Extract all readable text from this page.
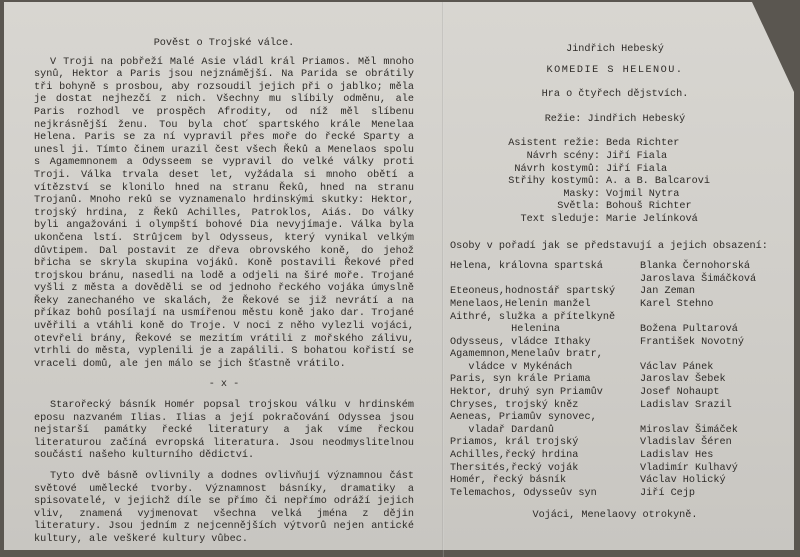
Pověst o Trojské válce.

V Troji na pobřeží Malé Asie vládl král Priamos. Měl mnoho synů, Hektor a Paris jsou nejznámější. Na Parida se obrátily tři bohyně s prosbou, aby rozsoudil jejich při o jablko; měla je dostat nejhezčí z nich. Všechny mu slíbily odměnu, ale Paris rozhodl ve prospěch Afrodity, od níž měl slíbenu nejkrásnější ženu. Tou byla choť spartského krále Menelaa Helena. Paris se za ní vypravil přes moře do řecké Sparty a unesl ji. Tímto činem urazil čest všech Řeků a Menelaos spolu s Agamemnonem a Odysseem se vypravil do velké války proti Troji. Válka trvala deset let, vyžádala si mnoho obětí a vítězství se klonilo hned na stranu Řeků, hned na stranu Trojanů. Mnoho reků se vyznamenalo hrdinskými skutky: Hektor, trojský hrdina, z Řeků Achilles, Patroklos, Aiás. Do války byli angažováni i olympští bohové Dia nevyjímaje. Válka byla ukončena lstí. Strůjcem byl Odysseus, který vynikal velkým důvtipem. Dal postavit ze dřeva obrovského koně, do jehož břicha se skryla skupina vojáků. Koně postavili Řekové před trojskou bránu, nasedli na lodě a odjeli na širé moře. Trojané vyšli z města a dověděli se od jednoho řeckého vojáka úmyslně Řeky zanechaného ve skalách, že Řekové se již nevrátí a na příkaz bohů posílají na usmířenou městu koně jako dar. Trojané uvěřili a vtáhli koně do Troje. V noci z něho vylezli vojáci, otevřeli brány, Řekové se mezitím vrátili z mořského zálivu, vtrhli do města, vyplenili je a zapálili. S bohatou kořistí se vraceli domů, ale jen málo se jich šťastně vrátilo.

- x -

Starořecký básník Homér popsal trojskou válku v hrdinském eposu nazvaném Ilias. Ilias a její pokračování Odyssea jsou nejstarší památky řecké literatury a jak víme řeckou literaturou začíná evropská literatura. Jsou neodmyslitelnou součástí našeho kulturního dědictví.

Tyto dvě básně ovlivnily a dodnes ovlivňují významnou část světové umělecké tvorby. Významnost básníky, dramatiky a spisovatelé, v jejichž díle se přímo či nepřímo odráží jejich vliv, znamená vyjmenovat všechna velká jména z dějin literatury. Jsou jedním z nejcennějších výtvorů nejen antické kultury, ale veškeré kultury vůbec.

Jindřich Hebeský
KOMEDIE S HELENOU.
Hra o čtyřech dějstvích.
Režie: Jindřich Hebeský
Asistent režie: Beda Richter
Návrh scény: Jiří Fiala
Návrh kostymů: Jiří Fiala
Střihy kostymů: A. a B. Balcarovi
Masky: Vojmil Nytra
Světla: Bohouš Richter
Text sleduje: Marie Jelínková
Osoby v pořadí jak se představují a jejich obsazení:
Helena, královna spartská	Blanka Černohorská
Jaroslava Šimáčková
Eteoneus,hodnostář spartský	Jan Zeman
Menelaos,Helenin manžel	Karel Stehno
Aithré, služka a přítelkyně
Helenina	Božena Pultarová
Odysseus, vládce Ithaky	František Novotný
Agamemnon,Menelaův bratr,
vládce v Mykénách	Václav Pánek
Paris, syn krále Priama	Jaroslav Šebek
Hektor, druhý syn Priamův	Josef Nohaupt
Chryses, trojský kněz	Ladislav Srazil
Aeneas, Priamův synovec,
vladař Dardanů	Miroslav Šimáček
Priamos, král trojský	Vladislav Šéren
Achilles,řecký hrdina	Ladislav Hes
Thersités,řecký voják	Vladimír Kulhavý
Homér, řecký básník	Václav Holický
Telemachos, Odysseův syn	Jiří Cejp
Vojáci, Menelaovy otrokyně.
